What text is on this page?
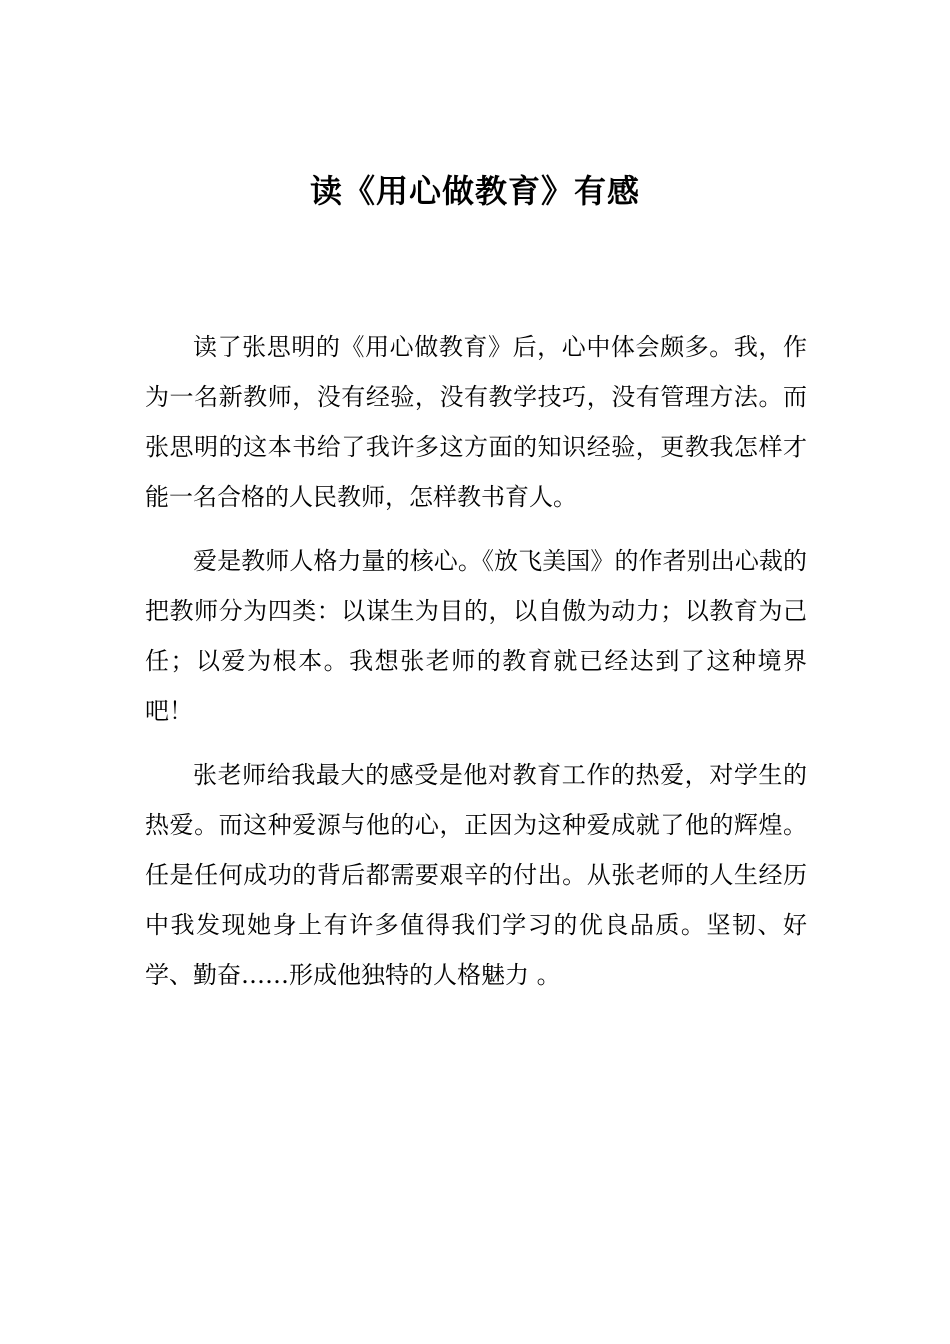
读《用心做教育》有感

读了张思明的《用心做教育》后，心中体会颇多。我，作为一名新教师，没有经验，没有教学技巧，没有管理方法。而张思明的这本书给了我许多这方面的知识经验，更教我怎样才能一名合格的人民教师，怎样教书育人。

爱是教师人格力量的核心。《放飞美国》的作者别出心裁的把教师分为四类：以谋生为目的，以自傲为动力；以教育为己任；以爱为根本。我想张老师的教育就已经达到了这种境界吧！

张老师给我最大的感受是他对教育工作的热爱，对学生的热爱。而这种爱源与他的心，正因为这种爱成就了他的辉煌。任是任何成功的背后都需要艰辛的付出。从张老师的人生经历中我发现她身上有许多值得我们学习的优良品质。坚韧、好学、勤奋……形成他独特的人格魅力 。
